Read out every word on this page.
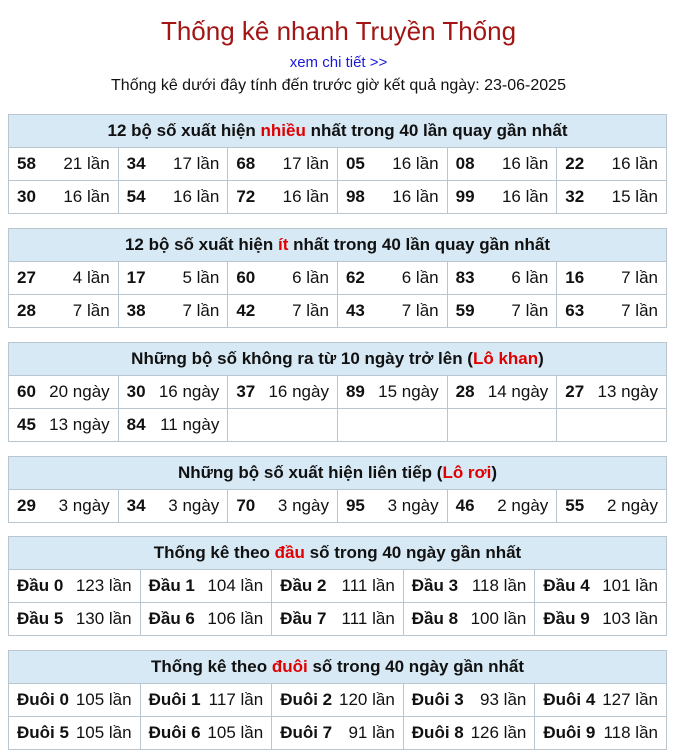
Thống kê nhanh Truyền Thống
xem chi tiết >>
Thống kê dưới đây tính đến trước giờ kết quả ngày: 23-06-2025
12 bộ số xuất hiện nhiều nhất trong 40 lần quay gần nhất					

58 21 lần	34 17 lần	68 17 lần	05 16 lần	08 16 lần	22 16 lần

30 16 lần	54 16 lần	72 16 lần	98 16 lần	99 16 lần	32 15 lần
12 bộ số xuất hiện ít nhất trong 40 lần quay gần nhất					

27 4 lần	17 5 lần	60 6 lần	62 6 lần	83 6 lần	16 7 lần

28 7 lần	38 7 lần	42 7 lần	43 7 lần	59 7 lần	63 7 lần
Những bộ số không ra từ 10 ngày trở lên (Lô khan)					

60 20 ngày	30 16 ngày	37 16 ngày	89 15 ngày	28 14 ngày	27 13 ngày

45 13 ngày	84 11 ngày				

Những bộ số xuất hiện liên tiếp (Lô rơi)

29 3 ngày	34 3 ngày	70 3 ngày	95 3 ngày	46 2 ngày	55 2 ngày
Thống kê theo đầu số trong 40 ngày gần nhất				

Đầu 0 123 lần	Đầu 1 104 lần	Đầu 2 111 lần	Đầu 3 118 lần	Đầu 4 101 lần

Đầu 5 130 lần	Đầu 6 106 lần	Đầu 7 111 lần	Đầu 8 100 lần	Đầu 9 103 lần
Thống kê theo đuôi số trong 40 ngày gần nhất				

Đuôi 0 105 lần	Đuôi 1 117 lần	Đuôi 2 120 lần	Đuôi 3 93 lần	Đuôi 4 127 lần

Đuôi 5 105 lần	Đuôi 6 105 lần	Đuôi 7 91 lần	Đuôi 8 126 lần	Đuôi 9 118 lần
